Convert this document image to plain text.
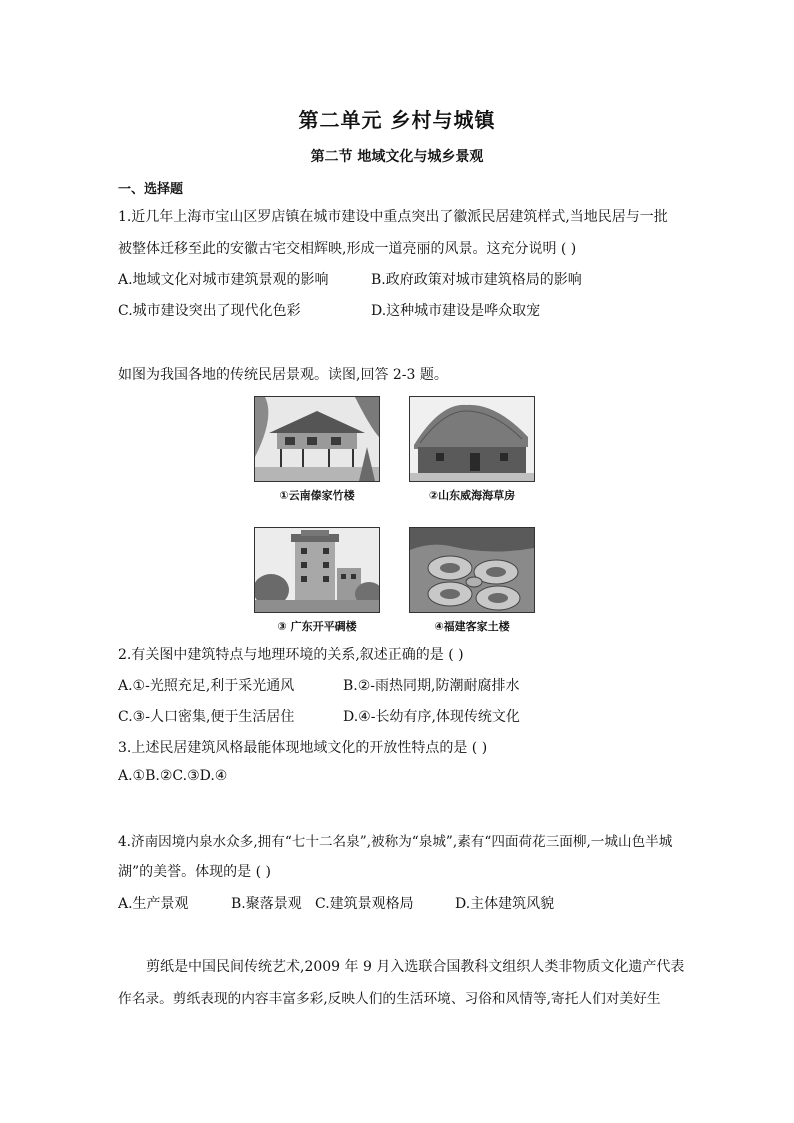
第二单元 乡村与城镇
第二节 地域文化与城乡景观
一、选择题
1.近几年上海市宝山区罗店镇在城市建设中重点突出了徽派民居建筑样式,当地民居与一批
被整体迁移至此的安徽古宅交相辉映,形成一道亮丽的风景。这充分说明 ( )
A.地域文化对城市建筑景观的影响	B.政府政策对城市建筑格局的影响
C.城市建设突出了现代化色彩	D.这种城市建设是哗众取宠
如图为我国各地的传统民居景观。读图,回答 2-3 题。
①云南傣家竹楼	②山东威海海草房
③ 广东开平碉楼	④福建客家土楼
2.有关图中建筑特点与地理环境的关系,叙述正确的是 ( )
A.①-光照充足,利于采光通风	B.②-雨热同期,防潮耐腐排水
C.③-人口密集,便于生活居住	D.④-长幼有序,体现传统文化
3.上述民居建筑风格最能体现地域文化的开放性特点的是 ( )
A.①B.②C.③D.④
4.济南因境内泉水众多,拥有“七十二名泉”,被称为“泉城”,素有“四面荷花三面柳,一城山色半城
湖”的美誉。体现的是 ( )
A.生产景观	B.聚落景观 C.建筑景观格局	D.主体建筑风貌
剪纸是中国民间传统艺术,2009 年 9 月入选联合国教科文组织人类非物质文化遗产代表
作名录。剪纸表现的内容丰富多彩,反映人们的生活环境、习俗和风情等,寄托人们对美好生
